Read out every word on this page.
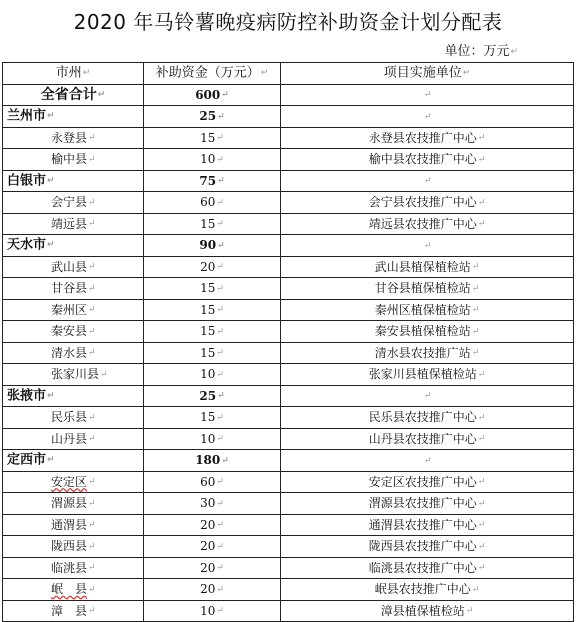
2020 年马铃薯晚疫病防控补助资金计划分配表
单位：万元↵
市州↵	补助资金（万元）↵	项目实施单位↵
全省合计↵	600↵	↵
兰州市↵	25↵	↵
永登县↵	15↵	永登县农技推广中心↵
榆中县↵	10↵	榆中县农技推广中心↵
白银市↵	75↵	↵
会宁县↵	60↵	会宁县农技推广中心↵
靖远县↵	15↵	靖远县农技推广中心↵
天水市↵	90↵	↵
武山县↵	20↵	武山县植保植检站↵
甘谷县↵	15↵	甘谷县植保植检站↵
秦州区↵	15↵	秦州区植保植检站↵
秦安县↵	15↵	秦安县植保植检站↵
清水县↵	15↵	清水县农技推广站↵
张家川县↵	10↵	张家川县植保植检站↵
张掖市↵	25↵	↵
民乐县↵	15↵	民乐县农技推广中心↵
山丹县↵	10↵	山丹县农技推广中心↵
定西市↵	180↵	↵
安定区↵	60↵	安定区农技推广中心↵
渭源县↵	30↵	渭源县农技推广中心↵
通渭县↵	20↵	通渭县农技推广中心↵
陇西县↵	20↵	陇西县农技推广中心↵
临洮县↵	20↵	临洮县农技推广中心↵
岷　县↵	20↵	岷县农技推广中心↵
漳　县↵	10↵	漳县植保植检站↵
